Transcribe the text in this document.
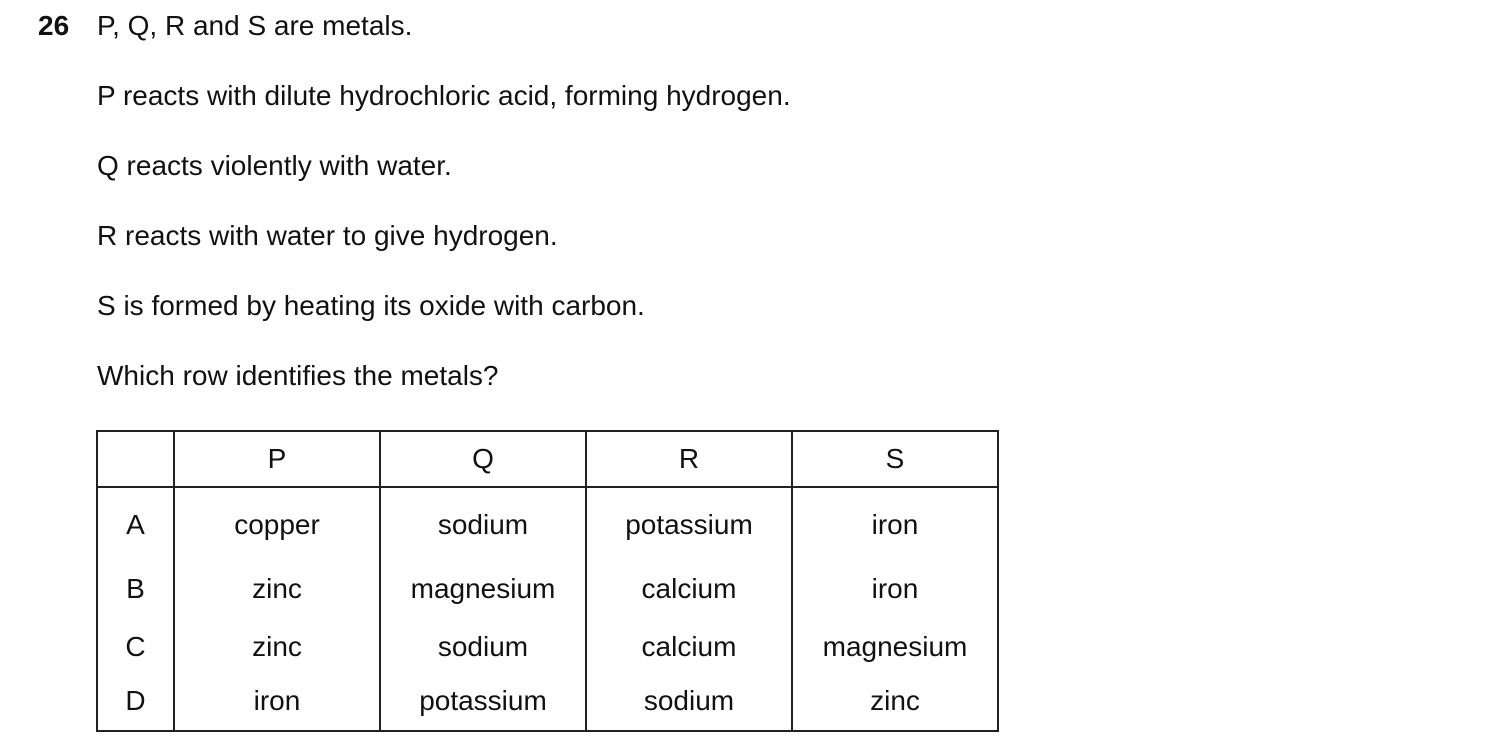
26 P, Q, R and S are metals.
P reacts with dilute hydrochloric acid, forming hydrogen.
Q reacts violently with water.
R reacts with water to give hydrogen.
S is formed by heating its oxide with carbon.
Which row identifies the metals?
	P	Q	R	S
A	copper	sodium	potassium	iron
B	zinc	magnesium	calcium	iron
C	zinc	sodium	calcium	magnesium
D	iron	potassium	sodium	zinc
